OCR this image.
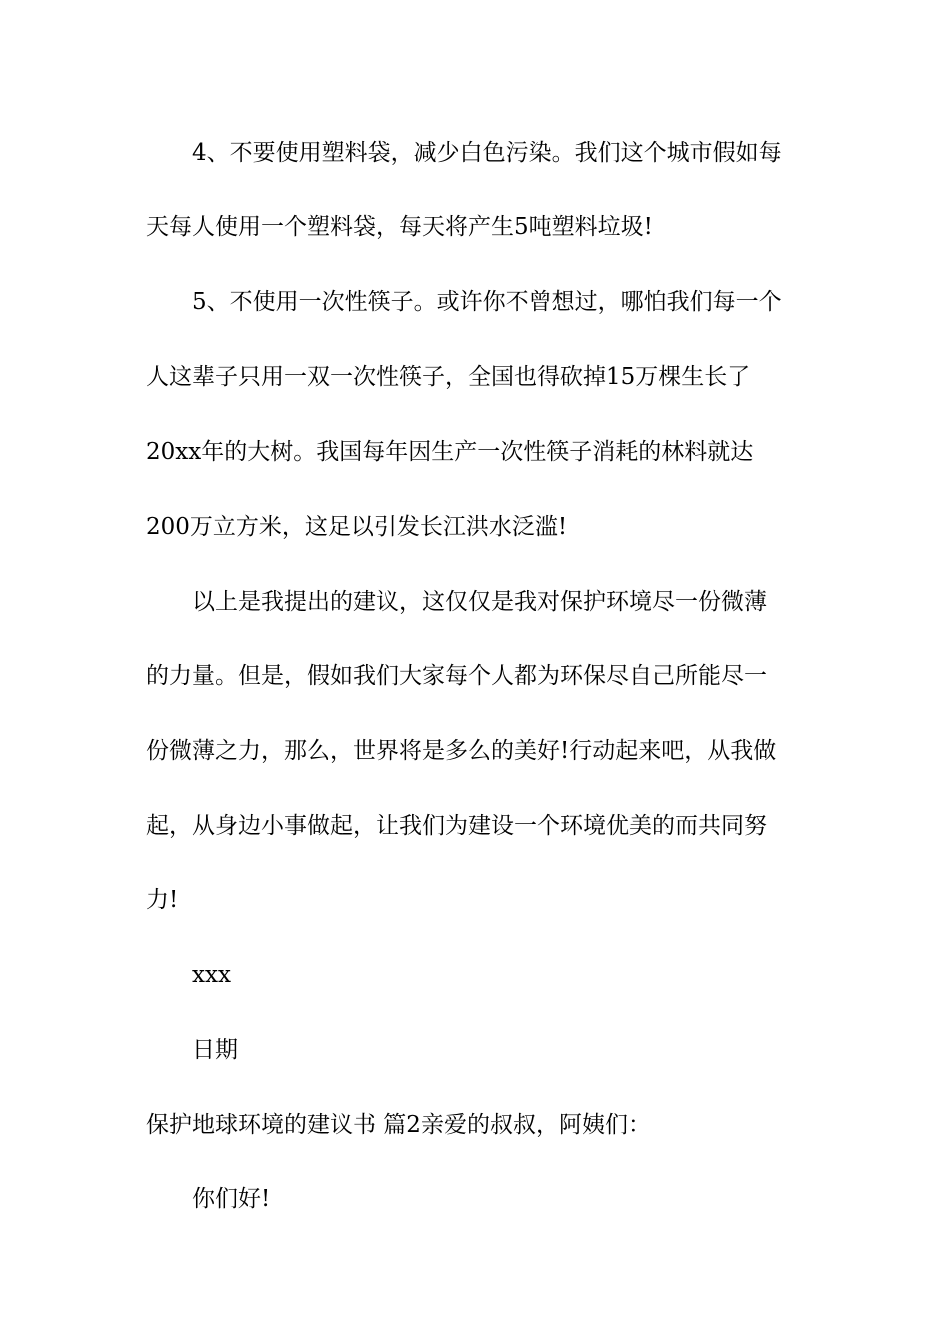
4、不要使用塑料袋，减少白色污染。我们这个城市假如每
天每人使用一个塑料袋，每天将产生5吨塑料垃圾!
5、不使用一次性筷子。或许你不曾想过，哪怕我们每一个
人这辈子只用一双一次性筷子，全国也得砍掉15万棵生长了
20xx年的大树。我国每年因生产一次性筷子消耗的林料就达
200万立方米，这足以引发长江洪水泛滥!
以上是我提出的建议，这仅仅是我对保护环境尽一份微薄
的力量。但是，假如我们大家每个人都为环保尽自己所能尽一
份微薄之力，那么，世界将是多么的美好!行动起来吧，从我做
起，从身边小事做起，让我们为建设一个环境优美的而共同努
力!
xxx
日期
保护地球环境的建议书 篇2亲爱的叔叔，阿姨们：
你们好!
